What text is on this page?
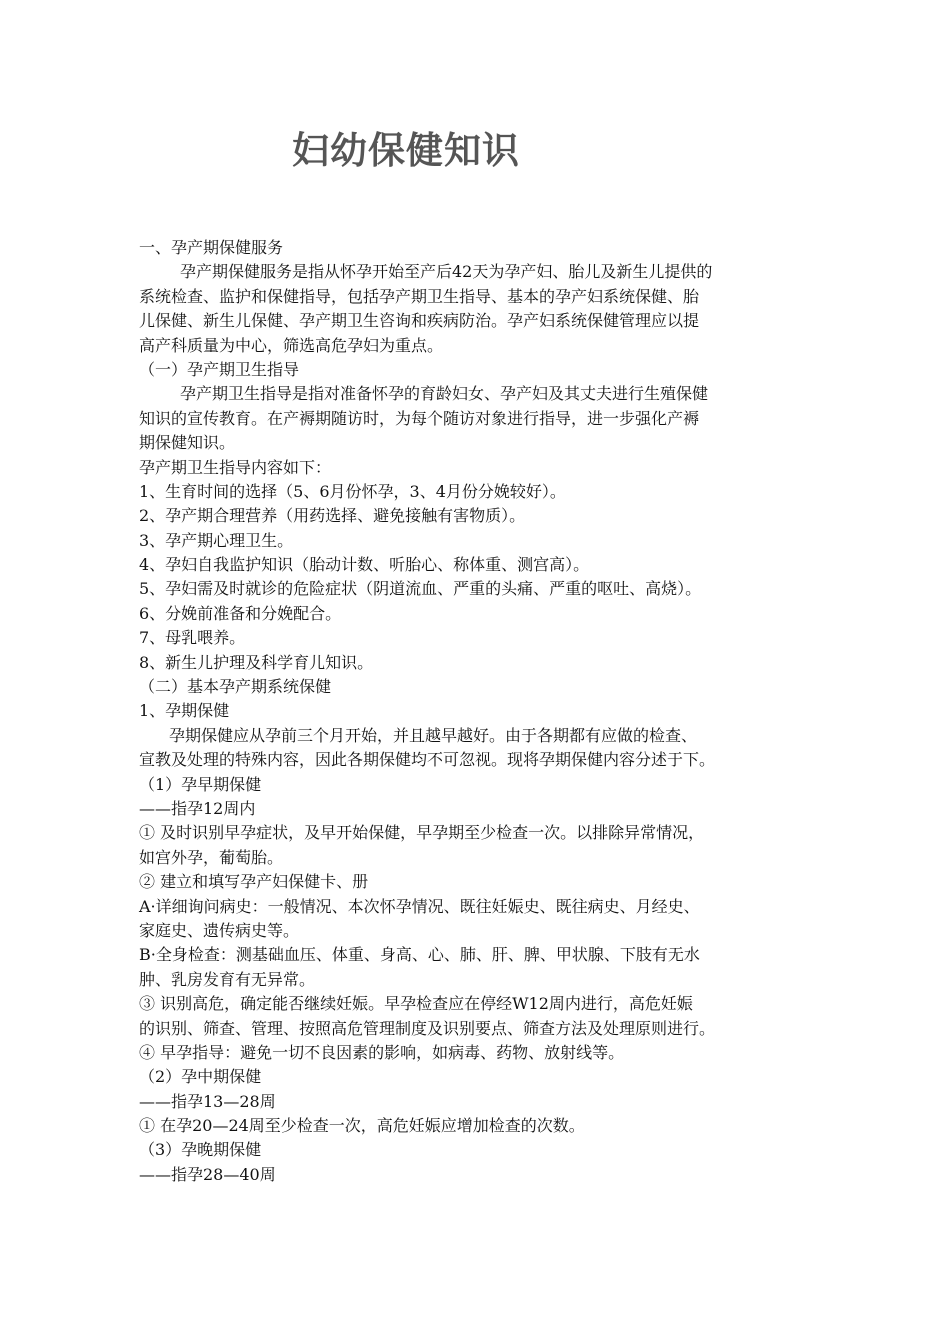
妇幼保健知识
一、孕产期保健服务
孕产期保健服务是指从怀孕开始至产后42天为孕产妇、胎儿及新生儿提供的
系统检查、监护和保健指导，包括孕产期卫生指导、基本的孕产妇系统保健、胎
儿保健、新生儿保健、孕产期卫生咨询和疾病防治。孕产妇系统保健管理应以提
高产科质量为中心，筛选高危孕妇为重点。
（一）孕产期卫生指导
孕产期卫生指导是指对准备怀孕的育龄妇女、孕产妇及其丈夫进行生殖保健
知识的宣传教育。在产褥期随访时，为每个随访对象进行指导，进一步强化产褥
期保健知识。
孕产期卫生指导内容如下：
1、生育时间的选择（5、6月份怀孕，3、4月份分娩较好）。
2、孕产期合理营养（用药选择、避免接触有害物质）。
3、孕产期心理卫生。
4、孕妇自我监护知识（胎动计数、听胎心、称体重、测宫高）。
5、孕妇需及时就诊的危险症状（阴道流血、严重的头痛、严重的呕吐、高烧）。
6、分娩前准备和分娩配合。
7、母乳喂养。
8、新生儿护理及科学育儿知识。
（二）基本孕产期系统保健
1、孕期保健
孕期保健应从孕前三个月开始，并且越早越好。由于各期都有应做的检查、
宣教及处理的特殊内容，因此各期保健均不可忽视。现将孕期保健内容分述于下。
（1）孕早期保健
——指孕12周内
① 及时识别早孕症状，及早开始保健，早孕期至少检查一次。以排除异常情况，
如宫外孕，葡萄胎。
② 建立和填写孕产妇保健卡、册
A·详细询问病史：一般情况、本次怀孕情况、既往妊娠史、既往病史、月经史、
家庭史、遗传病史等。
B·全身检查：测基础血压、体重、身高、心、肺、肝、脾、甲状腺、下肢有无水
肿、乳房发育有无异常。
③ 识别高危，确定能否继续妊娠。早孕检查应在停经W12周内进行，高危妊娠
的识别、筛查、管理、按照高危管理制度及识别要点、筛查方法及处理原则进行。
④ 早孕指导：避免一切不良因素的影响，如病毒、药物、放射线等。
（2）孕中期保健
——指孕13—28周
① 在孕20—24周至少检查一次，高危妊娠应增加检查的次数。
（3）孕晚期保健
——指孕28—40周
